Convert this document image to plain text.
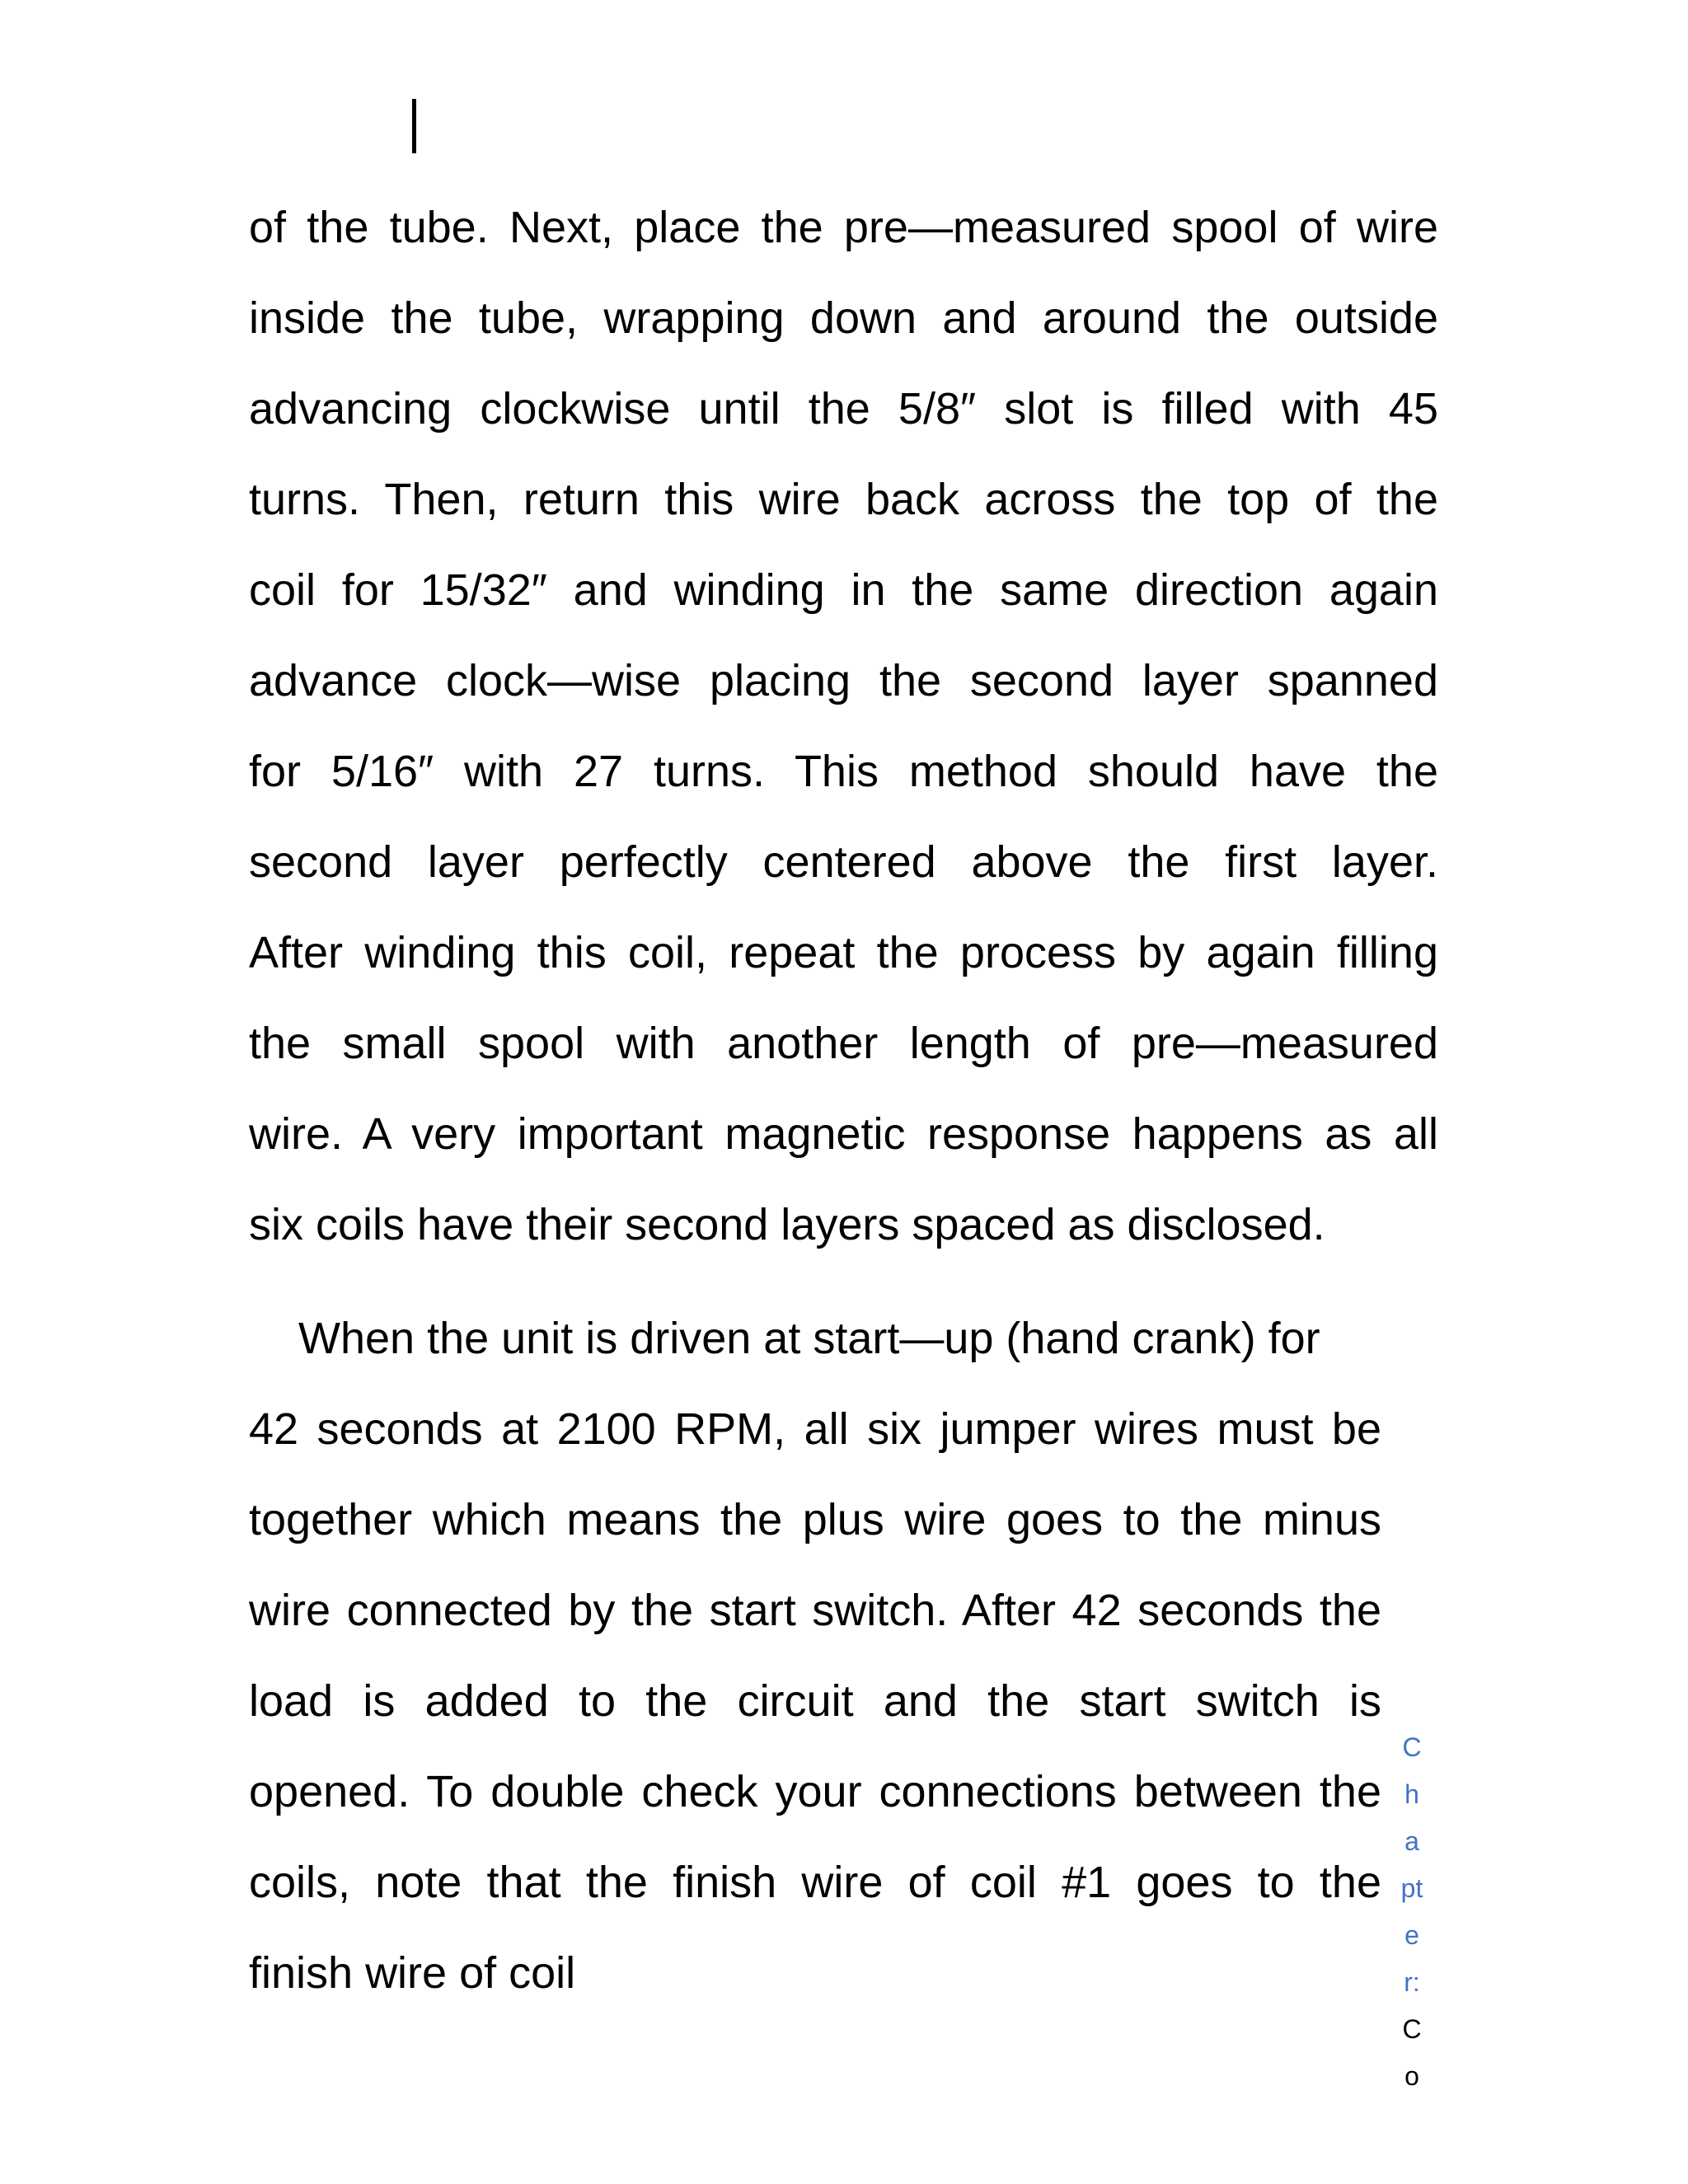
of the tube. Next, place the pre—measured spool of wire
inside the tube, wrapping down and around the outside
advancing clockwise until the 5/8″ slot is filled with 45
turns. Then, return this wire back across the top of the
coil for 15/32″ and winding in the same direction again
advance clock—wise placing the second layer spanned
for 5/16″ with 27 turns. This method should have the
second layer perfectly centered above the first layer.
After winding this coil, repeat the process by again filling
the small spool with another length of pre—measured
wire. A very important magnetic response happens as all
six coils have their second layers spaced as disclosed.
When the unit is driven at start—up (hand crank) for
42 seconds at 2100 RPM, all six jumper wires must be
together which means the plus wire goes to the minus
wire connected by the start switch. After 42 seconds the
load is added to the circuit and the start switch is
opened. To double check your connections between the
coils, note that the finish wire of coil #1 goes to the
finish wire of coil
C
h
a
pt
e
r:
C
o
